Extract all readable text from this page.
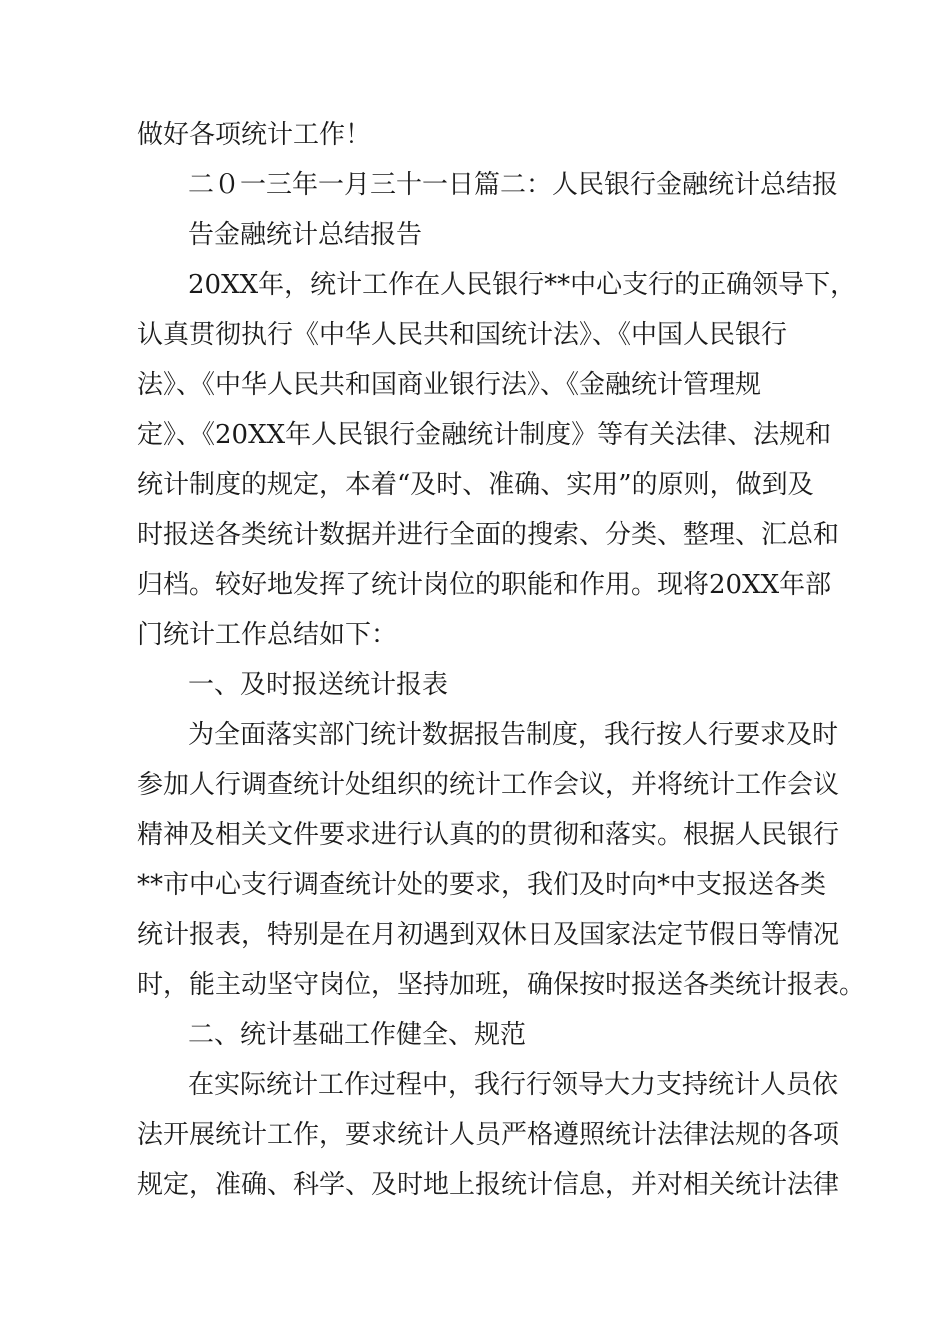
做好各项统计工作！
二０一三年一月三十一日篇二：人民银行金融统计总结报
告金融统计总结报告
20XX年，统计工作在人民银行**中心支行的正确领导下，
认真贯彻执行《中华人民共和国统计法》、《中国人民银行
法》、《中华人民共和国商业银行法》、《金融统计管理规
定》、《20XX年人民银行金融统计制度》等有关法律、法规和
统计制度的规定，本着“及时、准确、实用”的原则，做到及
时报送各类统计数据并进行全面的搜索、分类、整理、汇总和
归档。较好地发挥了统计岗位的职能和作用。现将20XX年部
门统计工作总结如下：
一、及时报送统计报表
为全面落实部门统计数据报告制度，我行按人行要求及时
参加人行调查统计处组织的统计工作会议，并将统计工作会议
精神及相关文件要求进行认真的的贯彻和落实。根据人民银行
**市中心支行调查统计处的要求，我们及时向*中支报送各类
统计报表，特别是在月初遇到双休日及国家法定节假日等情况
时，能主动坚守岗位，坚持加班，确保按时报送各类统计报表。
二、统计基础工作健全、规范
在实际统计工作过程中，我行行领导大力支持统计人员依
法开展统计工作，要求统计人员严格遵照统计法律法规的各项
规定，准确、科学、及时地上报统计信息，并对相关统计法律
